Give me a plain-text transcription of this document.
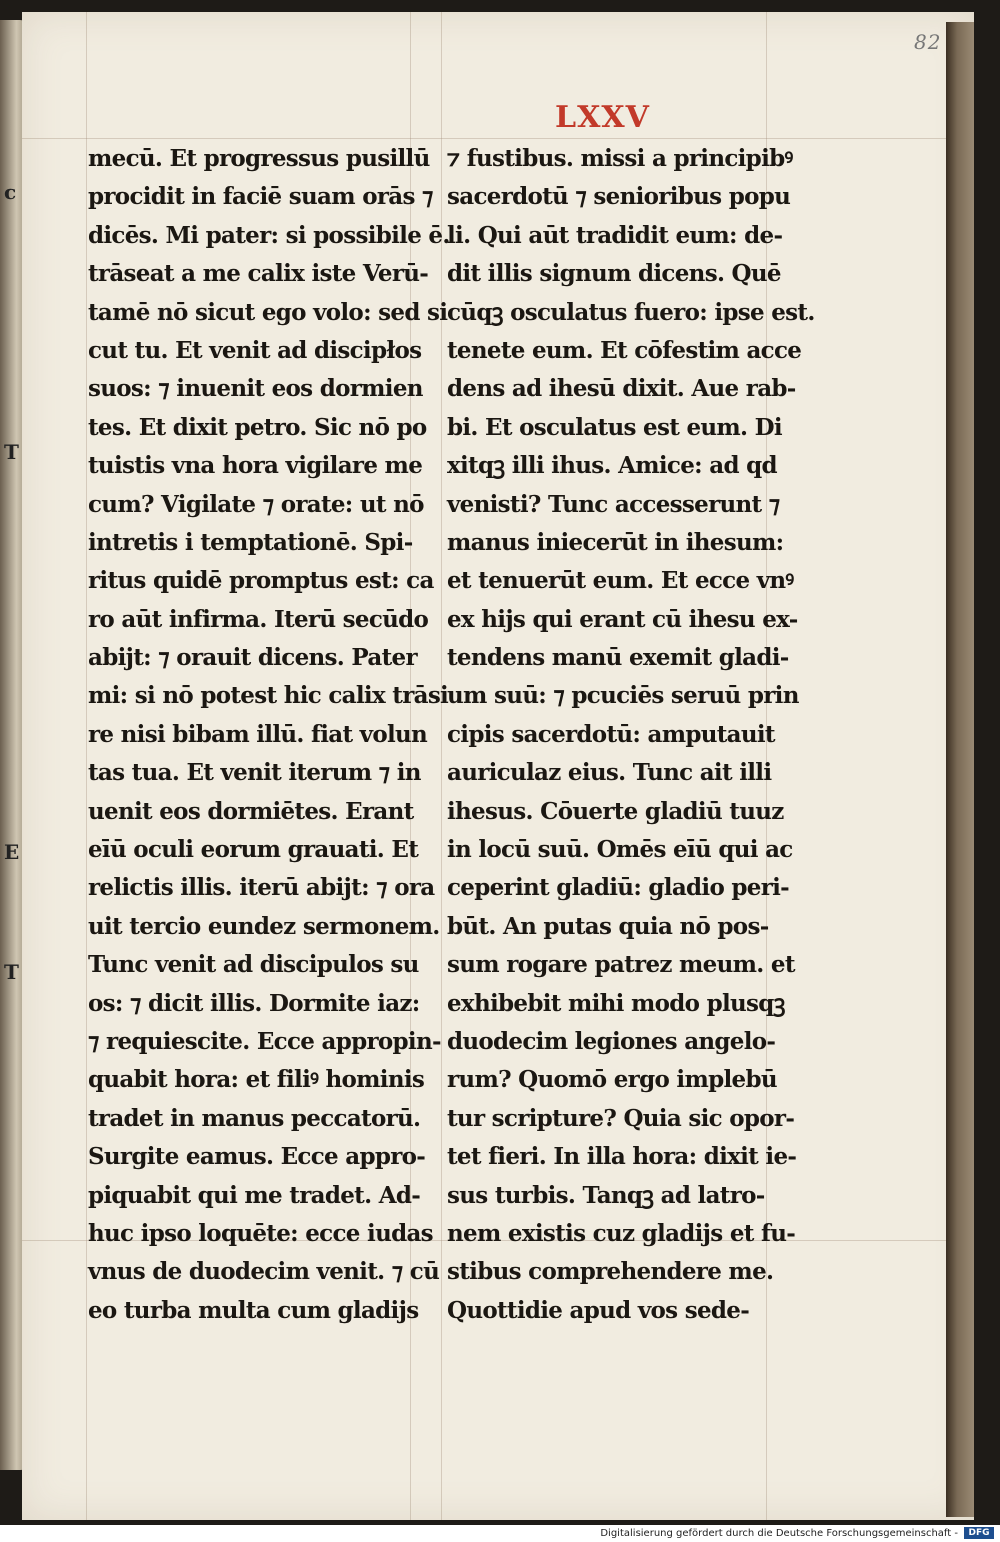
c
T
E
T
82
LXXV
mecū. Et progressus pusillū
procidit in faciē suam orās ⁊
dicēs. Mi pater: si possibile ē.
trāseat a me calix iste Verū-
tamē nō sicut ego volo: sed si
cut tu. Et venit ad discipłos
suos: ⁊ inuenit eos dormien
tes. Et dixit petro. Sic nō po
tuistis vna hora vigilare me
cum? Vigilate ⁊ orate: ut nō
intretis i temptationē. Spi-
ritus quidē promptus est: ca
ro aūt infirma. Iterū secūdo
abijt: ⁊ orauit dicens. Pater
mi: si nō potest hic calix trāsi
re nisi bibam illū. fiat volun
tas tua. Et venit iterum ⁊ in
uenit eos dormiētes. Erant
eīū oculi eorum grauati. Et
relictis illis. iterū abijt: ⁊ ora
uit tercio eundez sermonem.
Tunc venit ad discipulos su
os: ⁊ dicit illis. Dormite iaz:
⁊ requiescite. Ecce appropin-
quabit hora: et filiꝰ hominis
tradet in manus peccatorū.
Surgite eamus. Ecce appro-
piquabit qui me tradet. Ad-
huc ipso loquēte: ecce iudas
vnus de duodecim venit. ⁊ cū
eo turba multa cum gladijs
⁊ fustibus. missi a principibꝰ
sacerdotū ⁊ senioribus popu
li. Qui aūt tradidit eum: de-
dit illis signum dicens. Quē
cūqꝫ osculatus fuero: ipse est.
tenete eum. Et cōfestim acce
dens ad ihesū dixit. Aue rab-
bi. Et osculatus est eum. Di
xitqꝫ illi ihus. Amice: ad qd
venisti? Tunc accesserunt ⁊
manus iniecerūt in ihesum:
et tenuerūt eum. Et ecce vnꝰ
ex hijs qui erant cū ihesu ex-
tendens manū exemit gladi-
um suū: ⁊ pcuciēs seruū prin
cipis sacerdotū: amputauit
auriculaz eius. Tunc ait illi
ihesus. Cōuerte gladiū tuuz
in locū suū. Omēs eīū qui ac
ceperint gladiū: gladio peri-
būt. An putas quia nō pos-
sum rogare patrez meum. et
exhibebit mihi modo plusqꝫ
duodecim legiones angelo-
rum? Quomō ergo implebū
tur scripture? Quia sic opor-
tet fieri. In illa hora: dixit ie-
sus turbis. Tanqꝫ ad latro-
nem existis cuz gladijs et fu-
stibus comprehendere me.
Quottidie apud vos sede-
Digitalisierung gefördert durch die Deutsche Forschungsgemeinschaft -	DFG
